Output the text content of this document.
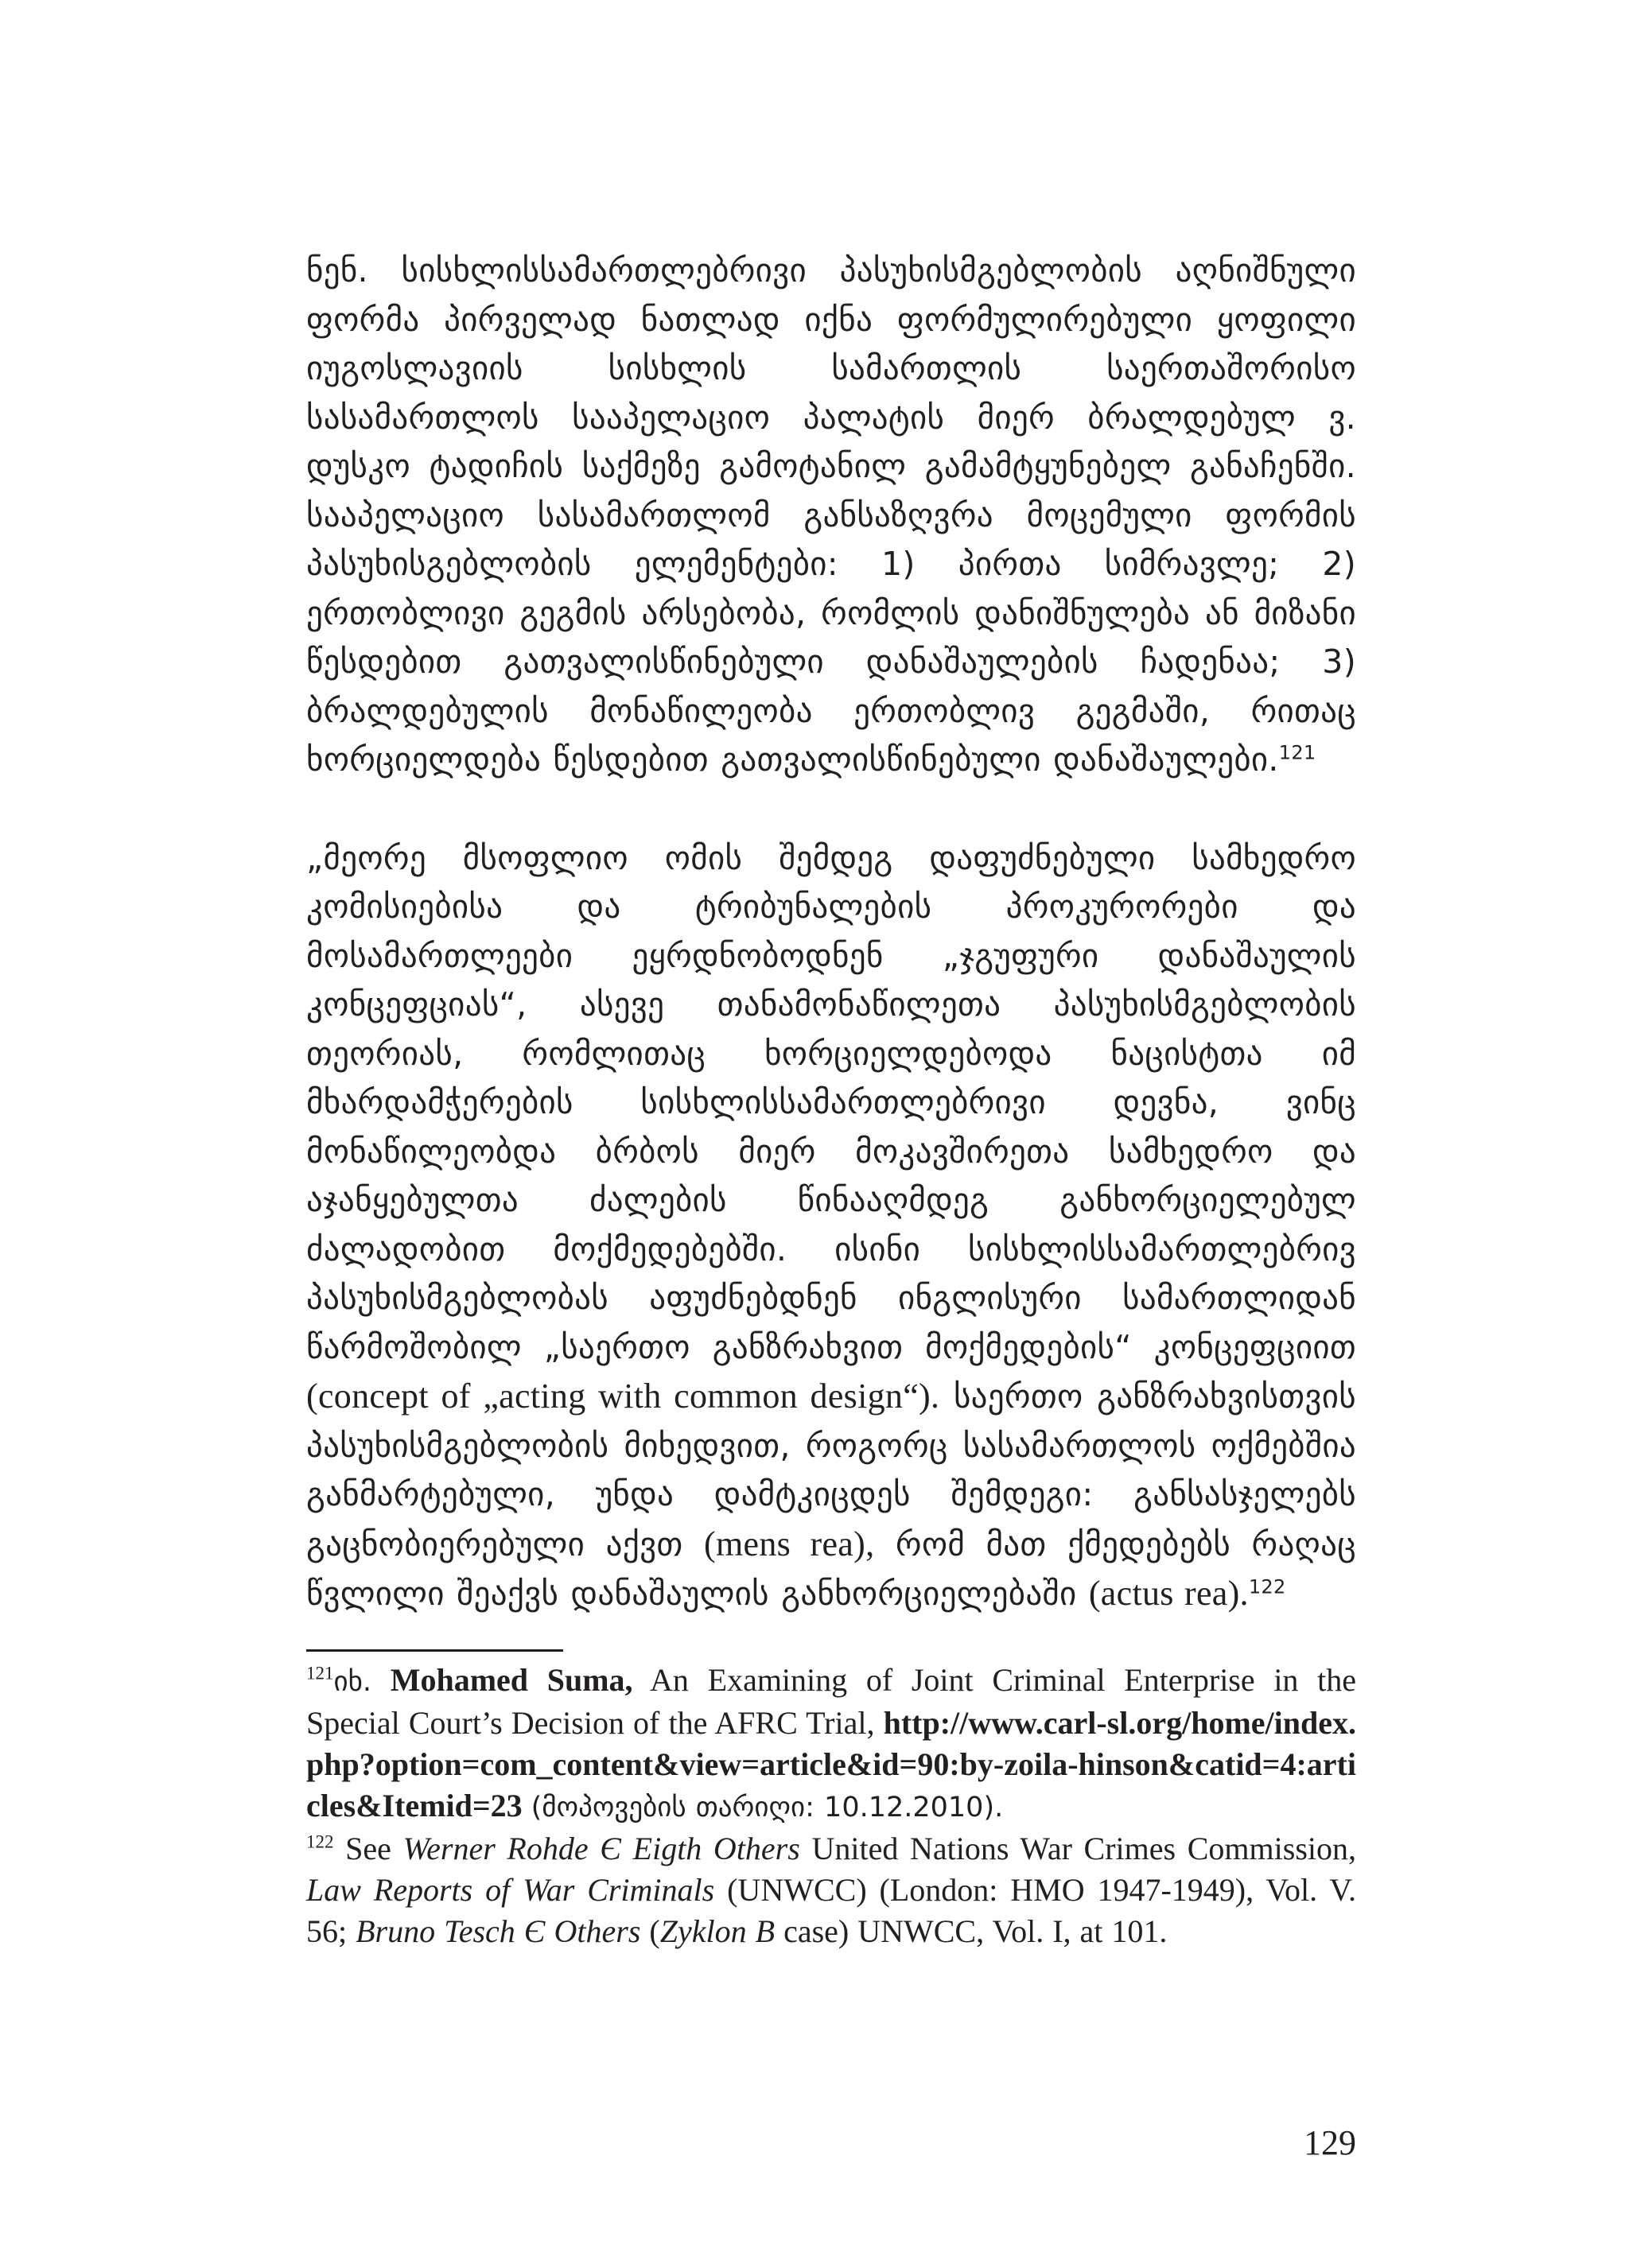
ნენ. სისხლისსამართლებრივი პასუხისმგებლობის აღნიშნული ფორმა პირველად ნათლად იქნა ფორმულირებული ყოფილი იუგოსლავიის სისხლის სამართლის საერთაშორისო სასამართლოს სააპელაციო პალატის მიერ ბრალდებულ ვ. დუსკო ტადიჩის საქმეზე გამოტანილ გამამტყუნებელ განაჩენში. სააპელაციო სასამართლომ განსაზღვრა მოცემული ფორმის პასუხისგებლობის ელემენტები: 1) პირთა სიმრავლე; 2) ერთობლივი გეგმის არსებობა, რომლის დანიშნულება ან მიზანი წესდებით გათვალისწინებული დანაშაულების ჩადენაა; 3) ბრალდებულის მონაწილეობა ერთობლივ გეგმაში, რითაც ხორციელდება წესდებით გათვალისწინებული დანაშაულები.$^{121}$

„მეორე მსოფლიო ომის შემდეგ დაფუძნებული სამხედრო კომისიებისა და ტრიბუნალების პროკურორები და მოსამართლეები ეყრდნობოდნენ „ჯგუფური დანაშაულის კონცეფციას“, ასევე თანამონაწილეთა პასუხისმგებლობის თეორიას, რომლითაც ხორციელდებოდა ნაცისტთა იმ მხარდამჭერების სისხლისსამართლებრივი დევნა, ვინც მონაწილეობდა ბრბოს მიერ მოკავშირეთა სამხედრო და აჯანყებულთა ძალების წინააღმდეგ განხორციელებულ ძალადობით მოქმედებებში. ისინი სისხლისსამართლებრივ პასუხისმგებლობას აფუძნებდნენ ინგლისური სამართლიდან წარმოშობილ „საერთო განზრახვით მოქმედების“ კონცეფციით (concept of „acting with common design“). საერთო განზრახვისთვის პასუხისმგებლობის მიხედვით, როგორც სასამართლოს ოქმებშია განმარტებული, უნდა დამტკიცდეს შემდეგი: განსასჯელებს გაცნობიერებული აქვთ (mens rea), რომ მათ ქმედებებს რაღაც წვლილი შეაქვს დანაშაულის განხორციელებაში (actus rea).$^{122}$

$^{121}$იხ. Mohamed Suma, An Examining of Joint Criminal Enterprise in the Special Court’s Decision of the AFRC Trial, http://www.carl-sl.org/home/index.php?option=com_content&view=article&id=90:by-zoila-hinson&catid=4:articles&Itemid=23 (მოპოვების თარიღი: 10.12.2010).

$^{122}$ See Werner Rohde Є Eigth Others United Nations War Crimes Commission, Law Reports of War Criminals (UNWCC) (London: HMO 1947-1949), Vol. V. 56; Bruno Tesch Є Others (Zyklon B case) UNWCC, Vol. I, at 101.

129
